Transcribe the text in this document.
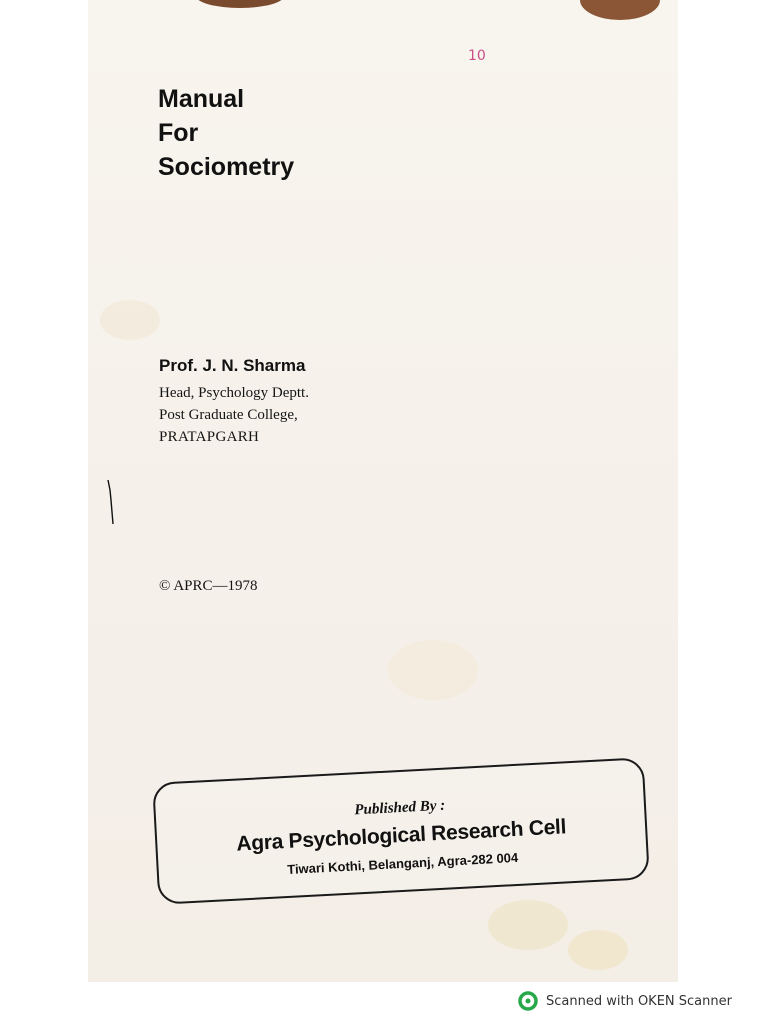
10
Manual
For
Sociometry
Prof. J. N. Sharma
Head, Psychology Deptt.
Post Graduate College,
PRATAPGARH
© APRC—1978
Published By :
Agra Psychological Research Cell
Tiwari Kothi, Belanganj, Agra-282 004
Scanned with OKEN Scanner
